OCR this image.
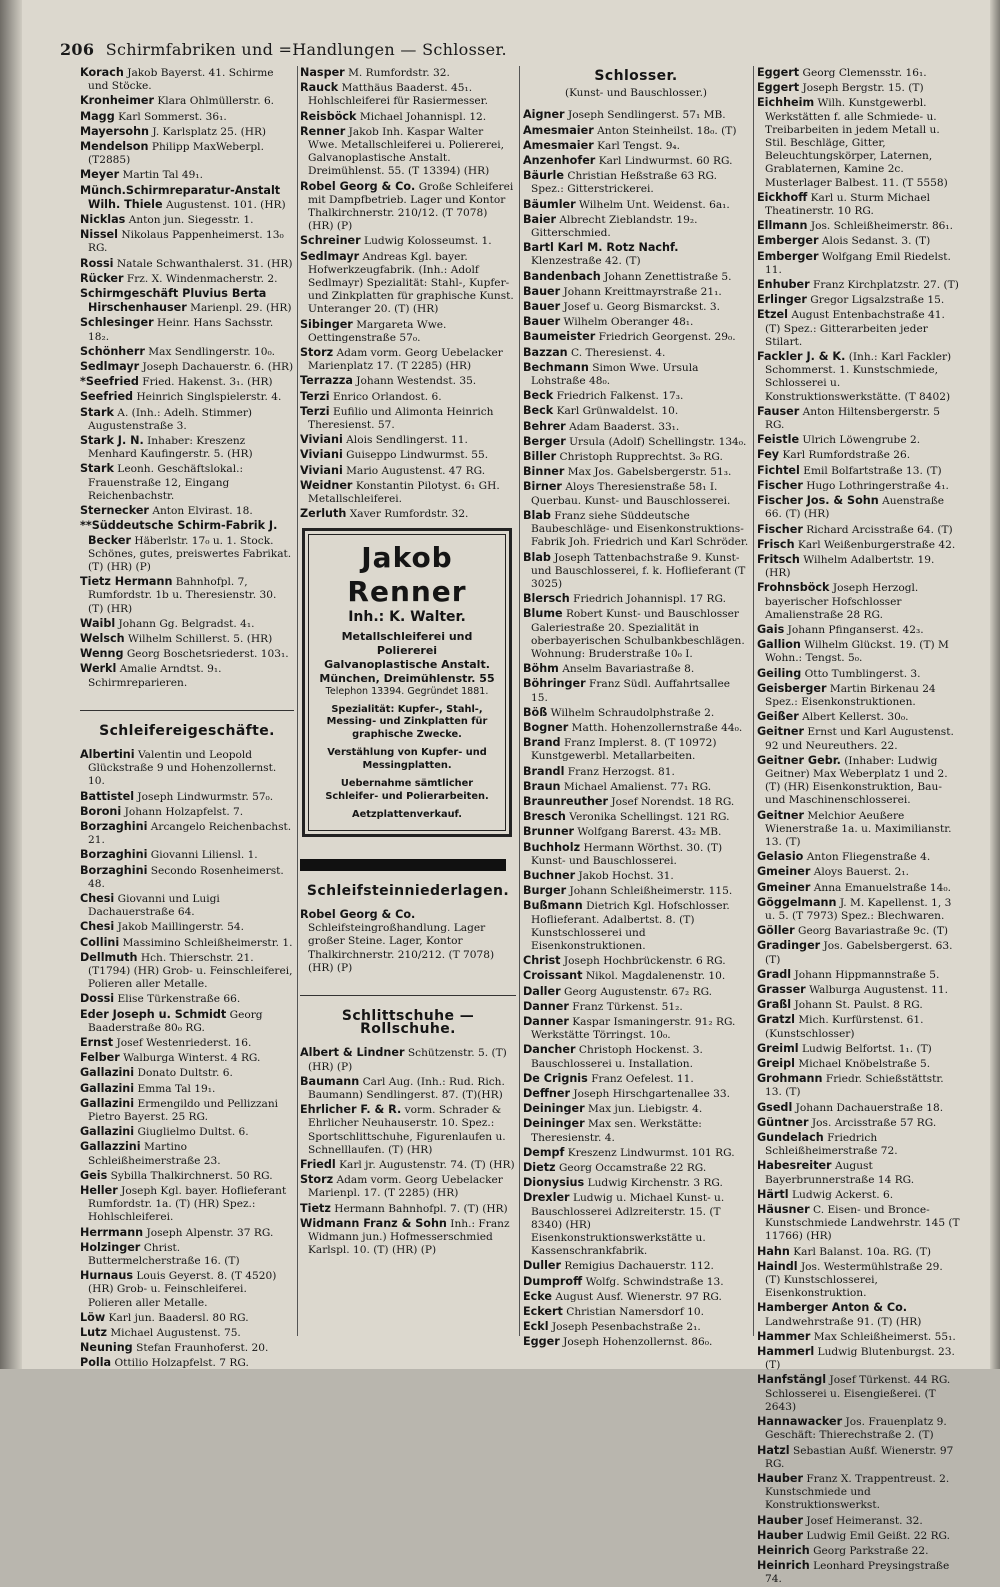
206 Schirmfabriken und =Handlungen — Schlosser.
Korach Jakob Bayerst. 41. Schirme und Stöcke.
Kronheimer Klara Ohlmüllerstr. 6.
Magg Karl Sommerst. 36₁.
Mayersohn J. Karlsplatz 25. (HR)
Mendelson Philipp MaxWeberpl.(T2885)
Meyer Martin Tal 49₁.
Münch.Schirmreparatur-Anstalt Wilh. Thiele Augustenst. 101. (HR)
Nicklas Anton jun. Siegesstr. 1.
Nissel Nikolaus Pappenheimerst. 13₀ RG.
Rossi Natale Schwanthalerst. 31. (HR)
Rücker Frz. X. Windenmacherstr. 2.
Schirmgeschäft Pluvius Berta Hirschenhauser Marienpl. 29. (HR)
Schlesinger Heinr. Hans Sachsstr. 18₂.
Schönherr Max Sendlingerstr. 10₀.
Sedlmayr Joseph Dachauerstr. 6. (HR)
*Seefried Fried. Hakenst. 3₁. (HR)
Seefried Heinrich Singlspielerstr. 4.
Stark A. (Inh.: Adelh. Stimmer) Augustenstraße 3.
Stark J. N. Inhaber: Kreszenz Menhard Kaufingerstr. 5. (HR)
Stark Leonh. Geschäftslokal.: Frauenstraße 12, Eingang Reichenbachstr.
Sternecker Anton Elvirast. 18.
**Süddeutsche Schirm-Fabrik J. Becker Häberlstr. 17₀ u. 1. Stock. Schönes, gutes, preiswertes Fabrikat. (T) (HR) (P)
Tietz Hermann Bahnhofpl. 7, Rumfordstr. 1b u. Theresienstr. 30. (T) (HR)
Waibl Johann Gg. Belgradst. 4₁.
Welsch Wilhelm Schillerst. 5. (HR)
Wenng Georg Boschetsriederst. 103₁.
Werkl Amalie Arndtst. 9₁. Schirmreparieren.
Schleifereigeschäfte.
Albertini Valentin und Leopold Glückstraße 9 und Hohenzollernst. 10.
Battistel Joseph Lindwurmstr. 57₀.
Boroni Johann Holzapfelst. 7.
Borzaghini Arcangelo Reichenbachst. 21.
Borzaghini Giovanni Liliensl. 1.
Borzaghini Secondo Rosenheimerst. 48.
Chesi Giovanni und Luigi Dachauerstraße 64.
Chesi Jakob Maillingerstr. 54.
Collini Massimino Schleißheimerstr. 1.
Dellmuth Hch. Thierschstr. 21. (T1794) (HR) Grob- u. Feinschleiferei, Polieren aller Metalle.
Dossi Elise Türkenstraße 66.
Eder Joseph u. Schmidt Georg Baaderstraße 80₀ RG.
Ernst Josef Westenriederst. 16.
Felber Walburga Winterst. 4 RG.
Gallazini Donato Dultstr. 6.
Gallazini Emma Tal 19₁.
Gallazini Ermengildo und Pellizzani Pietro Bayerst. 25 RG.
Gallazini Giuglielmo Dultst. 6.
Gallazzini Martino Schleißheimerstraße 23.
Geis Sybilla Thalkirchnerst. 50 RG.
Heller Joseph Kgl. bayer. Hoflieferant Rumfordstr. 1a. (T) (HR) Spez.: Hohlschleiferei.
Herrmann Joseph Alpenstr. 37 RG.
Holzinger Christ. Buttermelcherstraße 16. (T)
Hurnaus Louis Geyerst. 8. (T 4520) (HR) Grob- u. Feinschleiferei. Polieren aller Metalle.
Löw Karl jun. Baadersl. 80 RG.
Lutz Michael Augustenst. 75.
Neuning Stefan Fraunhoferst. 20.
Polla Ottilio Holzapfelst. 7 RG.
Nasper M. Rumfordstr. 32.
Rauck Matthäus Baaderst. 45₁. Hohlschleiferei für Rasiermesser.
Reisböck Michael Johannispl. 12.
Renner Jakob Inh. Kaspar Walter Wwe. Metallschleiferei u. Poliererei, Galvanoplastische Anstalt. Dreimühlenst. 55. (T 13394) (HR)
Robel Georg & Co. Große Schleiferei mit Dampfbetrieb. Lager und Kontor Thalkirchnerstr. 210/12. (T 7078) (HR) (P)
Schreiner Ludwig Kolosseumst. 1.
Sedlmayr Andreas Kgl. bayer. Hofwerkzeugfabrik. (Inh.: Adolf Sedlmayr) Spezialität: Stahl-, Kupfer- und Zinkplatten für graphische Kunst. Unteranger 20. (T) (HR)
Sibinger Margareta Wwe. Oettingenstraße 57₀.
Storz Adam vorm. Georg Uebelacker Marienplatz 17. (T 2285) (HR)
Terrazza Johann Westendst. 35.
Terzi Enrico Orlandost. 6.
Terzi Eufilio und Alimonta Heinrich Theresienst. 57.
Viviani Alois Sendlingerst. 11.
Viviani Guiseppo Lindwurmst. 55.
Viviani Mario Augustenst. 47 RG.
Weidner Konstantin Pilotyst. 6₁ GH. Metallschleiferei.
Zerluth Xaver Rumfordstr. 32.
Jakob Renner
Inh.: K. Walter.
Metallschleiferei und Poliererei
Galvanoplastische Anstalt.
München, Dreimühlenstr. 55
Telephon 13394. Gegründet 1881.
Spezialität: Kupfer-, Stahl-, Messing- und Zinkplatten für graphische Zwecke.
Verstählung von Kupfer- und Messingplatten.
Uebernahme sämtlicher Schleifer- und Polierarbeiten.
Aetzplattenverkauf.
Schleifsteinniederlagen.
Robel Georg & Co. Schleifsteingroßhandlung. Lager großer Steine. Lager, Kontor Thalkirchnerstr. 210/212. (T 7078) (HR) (P)
Schlittschuhe — Rollschuhe.
Albert & Lindner Schützenstr. 5. (T) (HR) (P)
Baumann Carl Aug. (Inh.: Rud. Rich. Baumann) Sendlingerst. 87. (T)(HR)
Ehrlicher F. & R. vorm. Schrader & Ehrlicher Neuhauserstr. 10. Spez.: Sportschlittschuhe, Figurenlaufen u. Schnelllaufen. (T) (HR)
Friedl Karl jr. Augustenstr. 74. (T) (HR)
Storz Adam vorm. Georg Uebelacker Marienpl. 17. (T 2285) (HR)
Tietz Hermann Bahnhofpl. 7. (T) (HR)
Widmann Franz & Sohn Inh.: Franz Widmann jun.) Hofmesserschmied Karlspl. 10. (T) (HR) (P)
Schlosser.
(Kunst- und Bauschlosser.)
Aigner Joseph Sendlingerst. 57₁ MB.
Amesmaier Anton Steinheilst. 18₀. (T)
Amesmaier Karl Tengst. 9₄.
Anzenhofer Karl Lindwurmst. 60 RG.
Bäurle Christian Heßstraße 63 RG. Spez.: Gitterstrickerei.
Bäumler Wilhelm Unt. Weidenst. 6a₁.
Baier Albrecht Zieblandstr. 19₂. Gitterschmied.
Bartl Karl M. Rotz Nachf. Klenzestraße 42. (T)
Bandenbach Johann Zenettistraße 5.
Bauer Johann Kreittmayrstraße 21₁.
Bauer Josef u. Georg Bismarckst. 3.
Bauer Wilhelm Oberanger 48₁.
Baumeister Friedrich Georgenst. 29₀.
Bazzan C. Theresienst. 4.
Bechmann Simon Wwe. Ursula Lohstraße 48₀.
Beck Friedrich Falkenst. 17₃.
Beck Karl Grünwaldelst. 10.
Behrer Adam Baaderst. 33₁.
Berger Ursula (Adolf) Schellingstr. 134₀.
Biller Christoph Rupprechtst. 3₀ RG.
Binner Max Jos. Gabelsbergerstr. 51₃.
Birner Aloys Theresienstraße 58₁ I. Querbau. Kunst- und Bauschlosserei.
Blab Franz siehe Süddeutsche Baubeschläge- und Eisenkonstruktions-Fabrik Joh. Friedrich und Karl Schröder.
Blab Joseph Tattenbachstraße 9. Kunst- und Bauschlosserei, f. k. Hoflieferant (T 3025)
Blersch Friedrich Johannispl. 17 RG.
Blume Robert Kunst- und Bauschlosser Galeriestraße 20. Spezialität in oberbayerischen Schulbankbeschlägen. Wohnung: Bruderstraße 10₀ I.
Böhm Anselm Bavariastraße 8.
Böhringer Franz Südl. Auffahrtsallee 15.
Böß Wilhelm Schraudolphstraße 2.
Bogner Matth. Hohenzollernstraße 44₀.
Brand Franz Implerst. 8. (T 10972) Kunstgewerbl. Metallarbeiten.
Brandl Franz Herzogst. 81.
Braun Michael Amalienst. 77₁ RG.
Braunreuther Josef Norendst. 18 RG.
Bresch Veronika Schellingst. 121 RG.
Brunner Wolfgang Barerst. 43₂ MB.
Buchholz Hermann Wörthst. 30. (T) Kunst- und Bauschlosserei.
Buchner Jakob Hochst. 31.
Burger Johann Schleißheimerstr. 115.
Bußmann Dietrich Kgl. Hofschlosser. Hoflieferant. Adalbertst. 8. (T) Kunstschlosserei und Eisenkonstruktionen.
Christ Joseph Hochbrückenstr. 6 RG.
Croissant Nikol. Magdalenenstr. 10.
Daller Georg Augustenstr. 67₂ RG.
Danner Franz Türkenst. 51₂.
Danner Kaspar Ismaningerstr. 91₂ RG. Werkstätte Törringst. 10₀.
Dancher Christoph Hockenst. 3. Bauschlosserei u. Installation.
De Crignis Franz Oefelest. 11.
Deffner Joseph Hirschgartenallee 33.
Deininger Max jun. Liebigstr. 4.
Deininger Max sen. Werkstätte: Theresienstr. 4.
Dempf Kreszenz Lindwurmst. 101 RG.
Dietz Georg Occamstraße 22 RG.
Dionysius Ludwig Kirchenstr. 3 RG.
Drexler Ludwig u. Michael Kunst- u. Bauschlosserei Adlzreiterstr. 15. (T 8340) (HR) Eisenkonstruktionswerkstätte u. Kassenschrankfabrik.
Duller Remigius Dachauerstr. 112.
Dumproff Wolfg. Schwindstraße 13.
Ecke August Ausf. Wienerstr. 97 RG.
Eckert Christian Namersdorf 10.
Eckl Joseph Pesenbachstraße 2₁.
Egger Joseph Hohenzollernst. 86₀.
Eggert Georg Clemensstr. 16₁.
Eggert Joseph Bergstr. 15. (T)
Eichheim Wilh. Kunstgewerbl. Werkstätten f. alle Schmiede- u. Treibarbeiten in jedem Metall u. Stil. Beschläge, Gitter, Beleuchtungskörper, Laternen, Grablaternen, Kamine 2c. Musterlager Balbest. 11. (T 5558)
Eickhoff Karl u. Sturm Michael Theatinerstr. 10 RG.
Ellmann Jos. Schleißheimerstr. 86₁.
Emberger Alois Sedanst. 3. (T)
Emberger Wolfgang Emil Riedelst. 11.
Enhuber Franz Kirchplatzstr. 27. (T)
Erlinger Gregor Ligsalzstraße 15.
Etzel August Entenbachstraße 41. (T) Spez.: Gitterarbeiten jeder Stilart.
Fackler J. & K. (Inh.: Karl Fackler) Schommerst. 1. Kunstschmiede, Schlosserei u. Konstruktionswerkstätte. (T 8402)
Fauser Anton Hiltensbergerstr. 5 RG.
Feistle Ulrich Löwengrube 2.
Fey Karl Rumfordstraße 26.
Fichtel Emil Bolfartstraße 13. (T)
Fischer Hugo Lothringerstraße 4₁.
Fischer Jos. & Sohn Auenstraße 66. (T) (HR)
Fischer Richard Arcisstraße 64. (T)
Frisch Karl Weißenburgerstraße 42.
Fritsch Wilhelm Adalbertstr. 19. (HR)
Frohnsböck Joseph Herzogl. bayerischer Hofschlosser Amalienstraße 28 RG.
Gais Johann Pfinganserst. 42₃.
Gallion Wilhelm Glückst. 19. (T) M Wohn.: Tengst. 5₀.
Geiling Otto Tumblingerst. 3.
Geisberger Martin Birkenau 24 Spez.: Eisenkonstruktionen.
Geißer Albert Kellerst. 30₀.
Geitner Ernst und Karl Augustenst. 92 und Neureuthers. 22.
Geitner Gebr. (Inhaber: Ludwig Geitner) Max Weberplatz 1 und 2. (T) (HR) Eisenkonstruktion, Bau- und Maschinenschlosserei.
Geitner Melchior Aeußere Wienerstraße 1a. u. Maximilianstr. 13. (T)
Gelasio Anton Fliegenstraße 4.
Gmeiner Aloys Bauerst. 2₁.
Gmeiner Anna Emanuelstraße 14₀.
Göggelmann J. M. Kapellenst. 1, 3 u. 5. (T 7973) Spez.: Blechwaren.
Göller Georg Bavariastraße 9c. (T)
Gradinger Jos. Gabelsbergerst. 63. (T)
Gradl Johann Hippmannstraße 5.
Grasser Walburga Augustenst. 11.
Graßl Johann St. Paulst. 8 RG.
Gratzl Mich. Kurfürstenst. 61. (Kunstschlosser)
Greiml Ludwig Belfortst. 1₁. (T)
Greipl Michael Knöbelstraße 5.
Grohmann Friedr. Schießstättstr. 13. (T)
Gsedl Johann Dachauerstraße 18.
Güntner Jos. Arcisstraße 57 RG.
Gundelach Friedrich Schleißheimerstraße 72.
Habesreiter August Bayerbrunnerstraße 14 RG.
Härtl Ludwig Ackerst. 6.
Häusner C. Eisen- und Bronce-Kunstschmiede Landwehrstr. 145 (T 11766) (HR)
Hahn Karl Balanst. 10a. RG. (T)
Haindl Jos. Westermühlstraße 29. (T) Kunstschlosserei, Eisenkonstruktion.
Hamberger Anton & Co. Landwehrstraße 91. (T) (HR)
Hammer Max Schleißheimerst. 55₁.
Hammerl Ludwig Blutenburgst. 23. (T)
Hanfstängl Josef Türkenst. 44 RG. Schlosserei u. Eisengießerei. (T 2643)
Hannawacker Jos. Frauenplatz 9. Geschäft: Thierechstraße 2. (T)
Hatzl Sebastian Außf. Wienerstr. 97 RG.
Hauber Franz X. Trappentreust. 2. Kunstschmiede und Konstruktionswerkst.
Hauber Josef Heimeranst. 32.
Hauber Ludwig Emil Geißt. 22 RG.
Heinrich Georg Parkstraße 22.
Heinrich Leonhard Preysingstraße 74.
